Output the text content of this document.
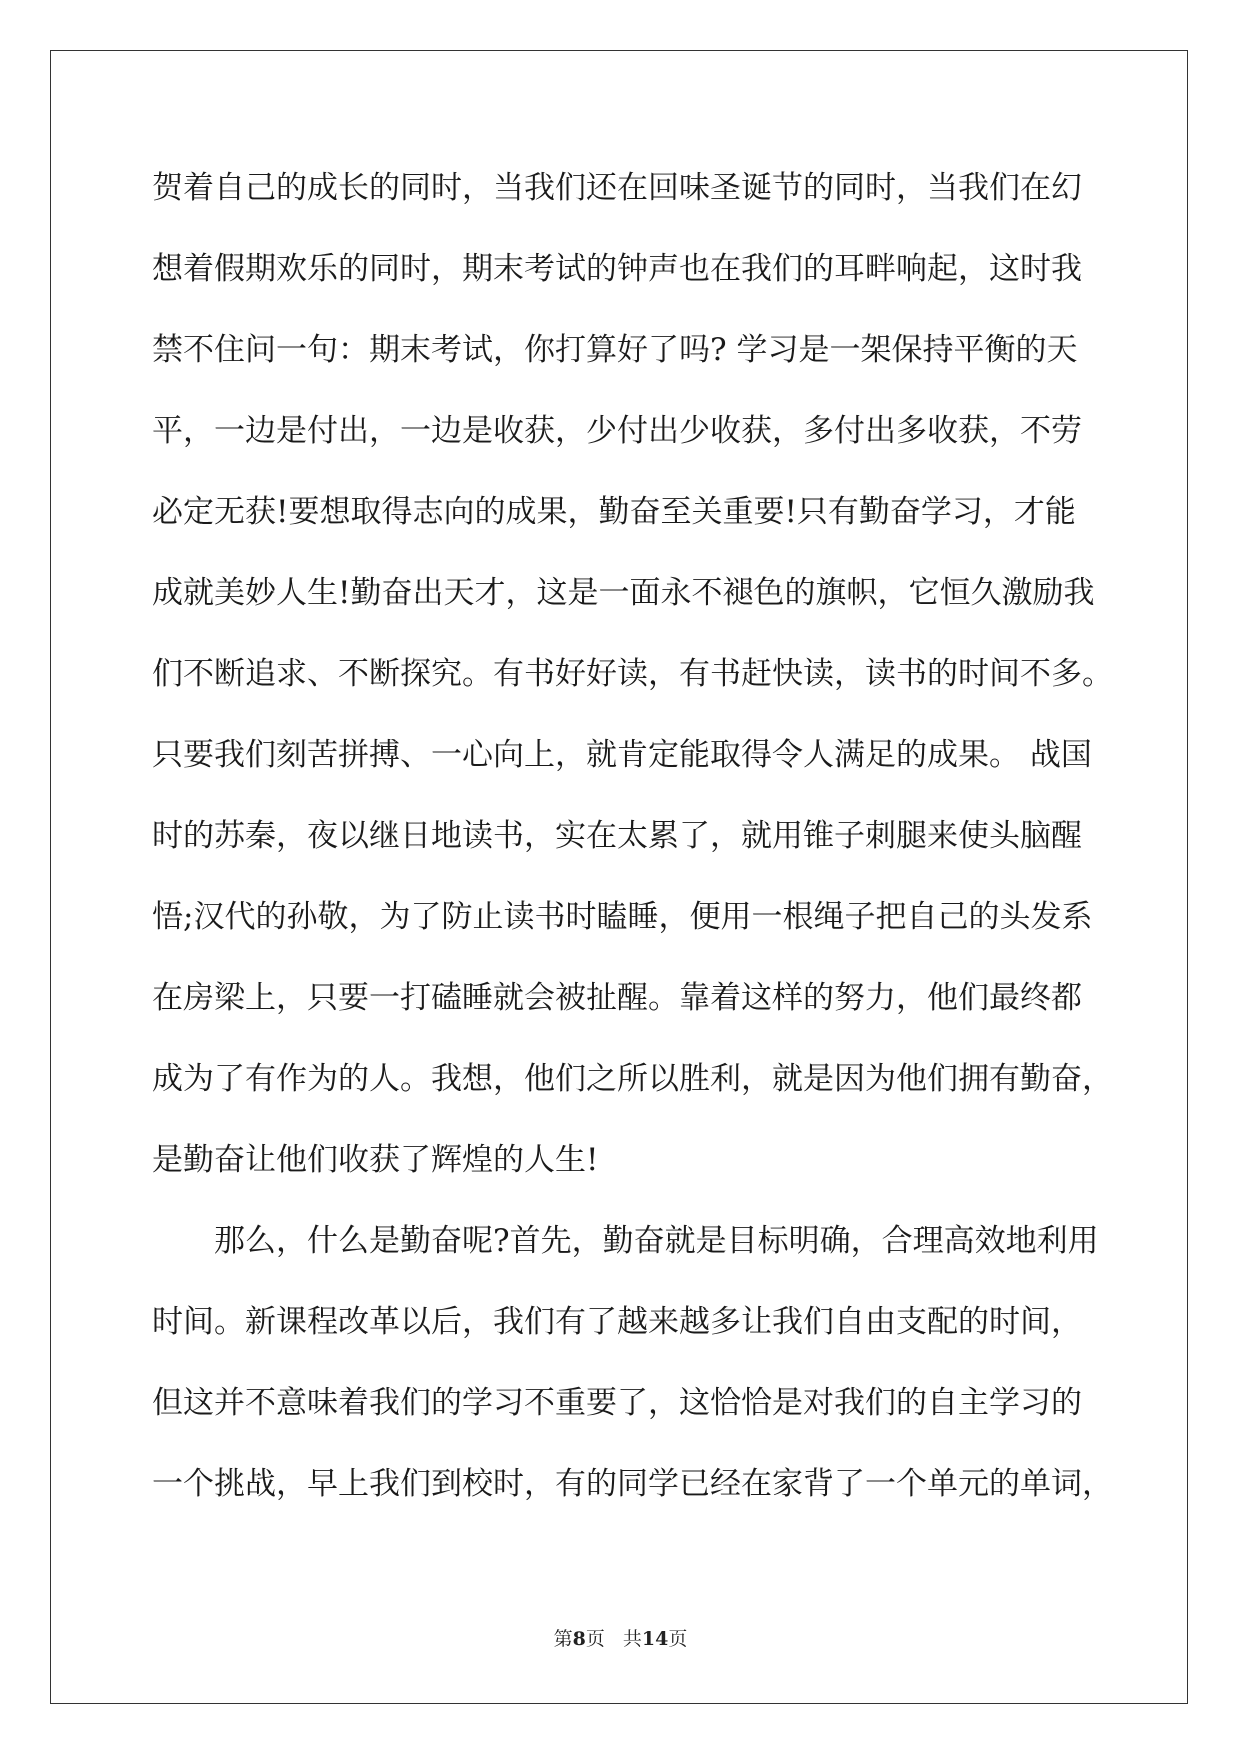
贺着自己的成长的同时，当我们还在回味圣诞节的同时，当我们在幻
想着假期欢乐的同时，期末考试的钟声也在我们的耳畔响起，这时我
禁不住问一句：期末考试，你打算好了吗? 学习是一架保持平衡的天
平，一边是付出，一边是收获，少付出少收获，多付出多收获，不劳
必定无获!要想取得志向的成果，勤奋至关重要!只有勤奋学习，才能
成就美妙人生!勤奋出天才，这是一面永不褪色的旗帜，它恒久激励我
们不断追求、不断探究。有书好好读，有书赶快读，读书的时间不多。
只要我们刻苦拼搏、一心向上，就肯定能取得令人满足的成果。 战国
时的苏秦，夜以继日地读书，实在太累了，就用锥子刺腿来使头脑醒
悟;汉代的孙敬，为了防止读书时瞌睡，便用一根绳子把自己的头发系
在房梁上，只要一打磕睡就会被扯醒。靠着这样的努力，他们最终都
成为了有作为的人。我想，他们之所以胜利，就是因为他们拥有勤奋，
是勤奋让他们收获了辉煌的人生!
那么，什么是勤奋呢?首先，勤奋就是目标明确，合理高效地利用
时间。新课程改革以后，我们有了越来越多让我们自由支配的时间，
但这并不意味着我们的学习不重要了，这恰恰是对我们的自主学习的
一个挑战，早上我们到校时，有的同学已经在家背了一个单元的单词，
第8页 共14页
